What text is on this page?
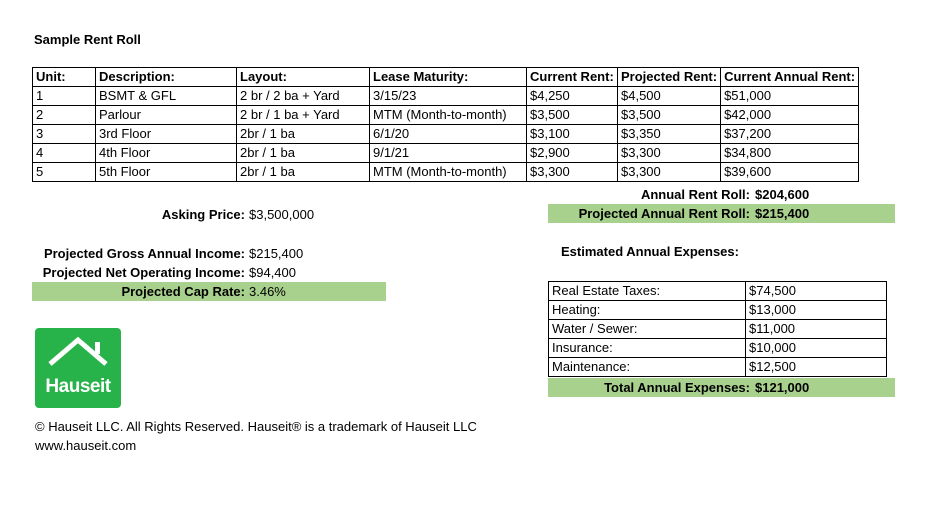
Sample Rent Roll
Unit:	Description:	Layout:	Lease Maturity:	Current Rent:	Projected Rent:	Current Annual Rent:
1	BSMT & GFL	2 br / 2 ba + Yard	3/15/23	$4,250	$4,500	$51,000
2	Parlour	2 br / 1 ba + Yard	MTM (Month-to-month)	$3,500	$3,500	$42,000
3	3rd Floor	2br / 1 ba	6/1/20	$3,100	$3,350	$37,200
4	4th Floor	2br / 1 ba	9/1/21	$2,900	$3,300	$34,800
5	5th Floor	2br / 1 ba	MTM (Month-to-month)	$3,300	$3,300	$39,600
Annual Rent Roll: $204,600
Projected Annual Rent Roll: $215,400
Asking Price: $3,500,000
Projected Gross Annual Income: $215,400
Projected Net Operating Income: $94,400
Projected Cap Rate: 3.46%
Estimated Annual Expenses:
Real Estate Taxes:	$74,500
Heating:	$13,000
Water / Sewer:	$11,000
Insurance:	$10,000
Maintenance:	$12,500
Total Annual Expenses: $121,000
Hauseit
© Hauseit LLC. All Rights Reserved. Hauseit® is a trademark of Hauseit LLC
www.hauseit.com
